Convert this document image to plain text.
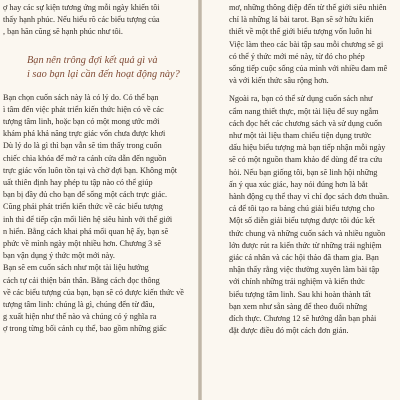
ợ hay các sự kiện tương ứng mỗi ngày khiến tôi
thấy hạnh phúc. Nếu hiểu rõ các biểu tượng của
, bạn hãn cũng sẽ hạnh phúc như tôi.

Bạn nên trông đợi kết quả gì và
i sao bạn lại cần đến hoạt động này?

Bạn chọn cuốn sách này là có lý do. Có thể bạn
ì tâm đến việc phát triển kiến thức hiện có về các
tượng tâm linh, hoặc bạn có một mong ước mới
khám phá khả năng trực giác vốn chưa được khơi
Dù lý do là gì thì bạn vẫn sẽ tìm thấy trong cuốn
chiếc chìa khóa để mở ra cánh cửa dẫn đến nguồn
trực giác vốn luôn tồn tại và chờ đợi bạn. Không một
uất thiên định hay phép tu tập nào có thể giúp
bạn bị đầy đủ cho bạn để sống một cách trực giác.
Cũng phải phát triển kiến thức về các biểu tượng
inh thì để tiếp cận mối liên hệ siêu hình với thế giới
n hiển. Bằng cách khai phá mối quan hệ ấy, bạn sẽ
phức về mình ngày một nhiều hơn. Chương 3 sẽ
bạn vận dụng ý thức một mới này.

Bạn sẽ em cuốn sách như một tài liệu hướng
cách tự cải thiện bản thân. Bằng cách đọc thông
về các biểu tượng của bạn, bạn sẽ có được kiến thức về
tượng tâm linh: chúng là gì, chúng đến từ đâu,
g xuất hiện như thế nào và chúng có ý nghĩa ra
ợ trong từng bối cảnh cụ thể, bao gồm những giấc

mơ, những thông điệp đến từ thế giới siêu nhiên
chỉ là những lá bài tarot. Bạn sẽ sở hữu kiến
thiết về một thế giới biểu tượng vốn luôn hi
Việc làm theo các bài tập sau mỗi chương sẽ gi
có thể ý thức mới mẻ này, từ đó cho phép
sống tiếp cuộc sống của mình với nhiều đam mê
và với kiến thức sâu rộng hơn.

Ngoài ra, bạn có thể sử dụng cuốn sách như
cẩm nang thiết thực, một tài liệu để suy ngẫm
cách đọc hết các chương sách và sử dụng cuốn
như một tài liệu tham chiếu tiện dụng trước
dấu hiệu biểu tượng mà bạn tiếp nhận mỗi ngày
sẽ có một nguồn tham khảo để dùng để tra cứu
hỏi. Nếu bạn giống tôi, bạn sẽ linh hội những
ấn ý qua xúc giác, hay nói đúng hơn là bắt
hành động cụ thể thay vì chỉ đọc sách đơn thuần.
cả để tôi tạo ra bảng chú giải biểu tượng cho
Một số diễn giải biểu tượng được tôi đúc kết
thức chung và những cuốn sách và nhiều nguồn
lớn được rút ra kiến thức từ những trải nghiệm
giác cá nhân và các hội thảo đã tham gia. Bạn
nhận thấy rằng việc thường xuyên làm bài tập
với chính những trải nghiệm và kiến thức
biểu tượng tâm linh. Sau khi hoàn thành tất
bạn xem như sẵn sàng để theo đuổi những
đích thực. Chương 12 sẽ hướng dẫn bạn phải
đặt được điều đó một cách đơn giản.
